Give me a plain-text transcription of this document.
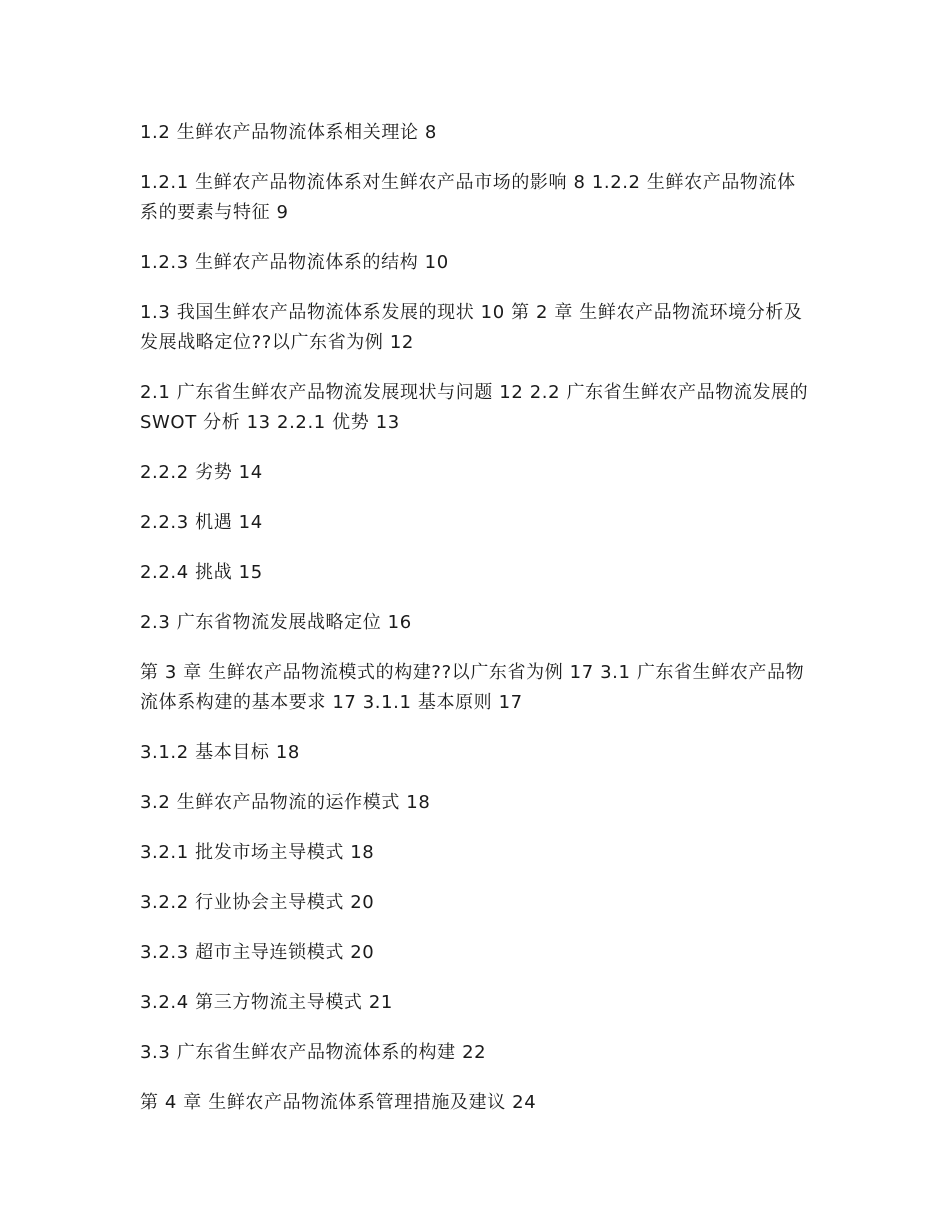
1.2 生鲜农产品物流体系相关理论 8

1.2.1 生鲜农产品物流体系对生鲜农产品市场的影响 8 1.2.2 生鲜农产品物流体系的要素与特征 9

1.2.3 生鲜农产品物流体系的结构 10

1.3 我国生鲜农产品物流体系发展的现状 10 第 2 章 生鲜农产品物流环境分析及发展战略定位??以广东省为例 12

2.1 广东省生鲜农产品物流发展现状与问题 12 2.2 广东省生鲜农产品物流发展的 SWOT 分析 13 2.2.1 优势 13

2.2.2 劣势 14

2.2.3 机遇 14

2.2.4 挑战 15

2.3 广东省物流发展战略定位 16

第 3 章 生鲜农产品物流模式的构建??以广东省为例 17 3.1 广东省生鲜农产品物流体系构建的基本要求 17 3.1.1 基本原则 17

3.1.2 基本目标 18

3.2 生鲜农产品物流的运作模式 18

3.2.1 批发市场主导模式 18

3.2.2 行业协会主导模式 20

3.2.3 超市主导连锁模式 20

3.2.4 第三方物流主导模式 21

3.3 广东省生鲜农产品物流体系的构建 22

第 4 章 生鲜农产品物流体系管理措施及建议 24
